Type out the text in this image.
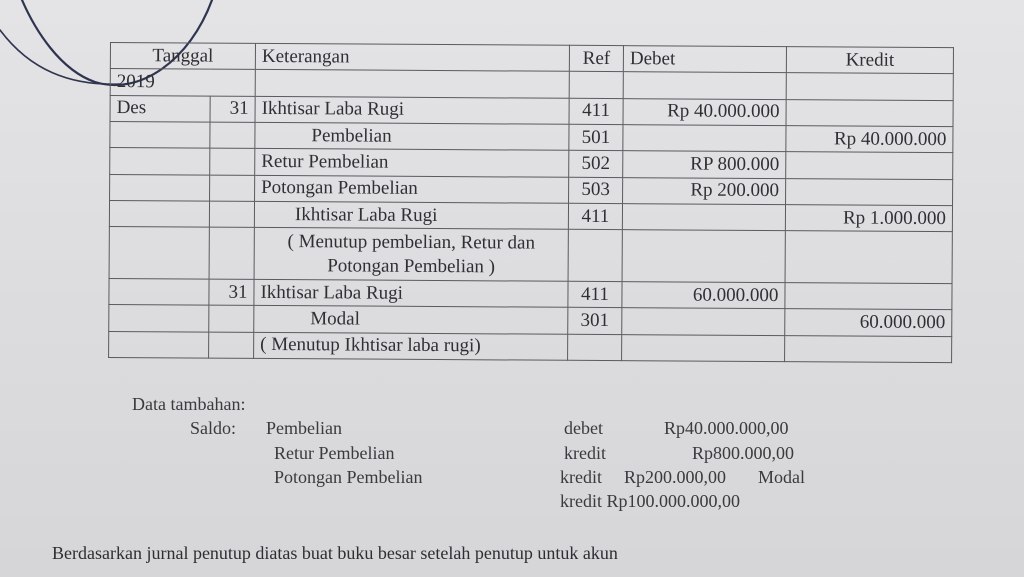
Tanggal		Keterangan	Ref	Debet	Kredit
2019					
Des	31	Ikhtisar Laba Rugi	411	Rp 40.000.000	
		Pembelian	501		Rp 40.000.000
		Retur Pembelian	502	RP 800.000	
		Potongan Pembelian	503	Rp 200.000	
		Ikhtisar Laba Rugi	411		Rp 1.000.000
		( Menutup pembelian, Retur dan Potongan Pembelian )			
	31	Ikhtisar Laba Rugi	411	60.000.000	
		Modal	301		60.000.000
		( Menutup Ikhtisar laba rugi)			
Data tambahan:
Saldo: Pembelian	debet	Rp40.000.000,00
Retur Pembelian	kredit	Rp800.000,00
Potongan Pembelian	kredit Rp200.000,00 Modal
kredit Rp100.000.000,00
Berdasarkan jurnal penutup diatas buat buku besar setelah penutup untuk akun
